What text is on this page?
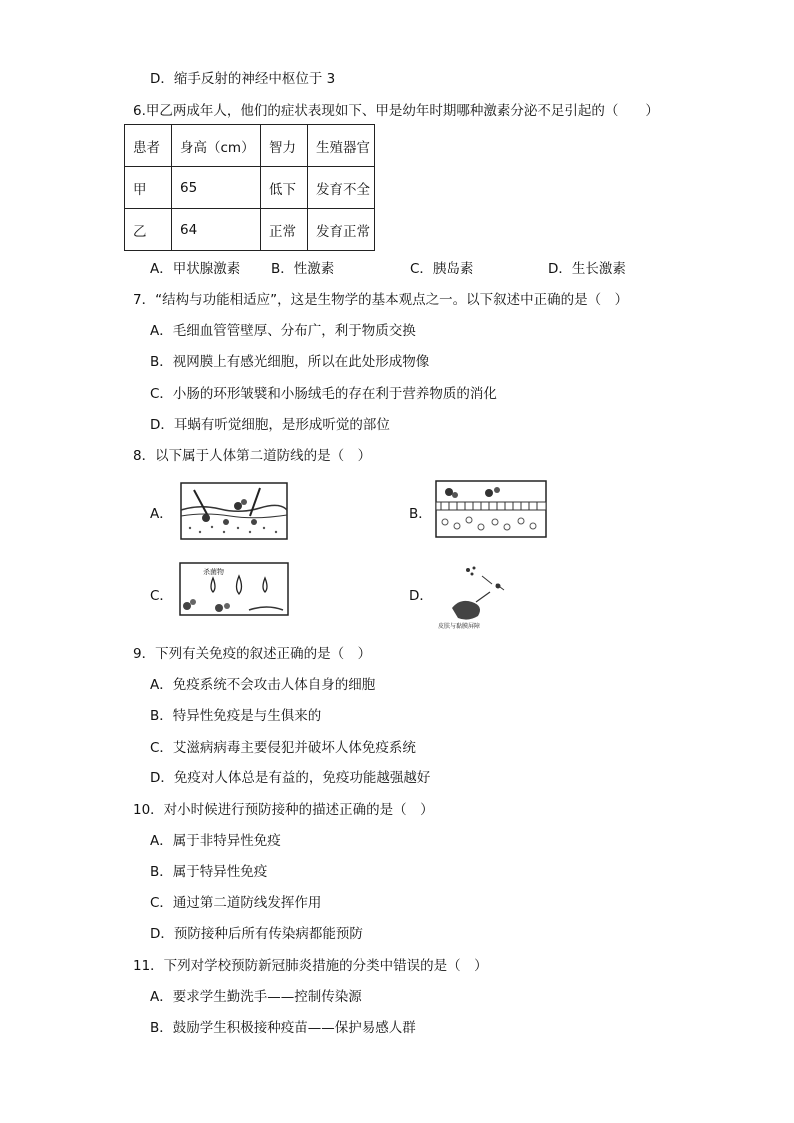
D．缩手反射的神经中枢位于 3
6.甲乙两成年人，他们的症状表现如下、甲是幼年时期哪种激素分泌不足引起的（　　）
患者	身高（cm）	智力	生殖器官
甲	65	低下	发育不全
乙	64	正常	发育正常
A．甲状腺激素 B．性激素	C．胰岛素	D．生长激素
7．“结构与功能相适应”，这是生物学的基本观点之一。以下叙述中正确的是（　）
A．毛细血管管壁厚、分布广，利于物质交换
B．视网膜上有感光细胞，所以在此处形成物像
C．小肠的环形皱襞和小肠绒毛的存在利于营养物质的消化
D．耳蜗有听觉细胞，是形成听觉的部位
8．以下属于人体第二道防线的是（　）
A．	B．
C．
杀菌物
D．
皮肤与黏膜屏障
9．下列有关免疫的叙述正确的是（　）
A．免疫系统不会攻击人体自身的细胞
B．特异性免疫是与生俱来的
C．艾滋病病毒主要侵犯并破坏人体免疫系统
D．免疫对人体总是有益的，免疫功能越强越好
10．对小时候进行预防接种的描述正确的是（　）
A．属于非特异性免疫
B．属于特异性免疫
C．通过第二道防线发挥作用
D．预防接种后所有传染病都能预防
11．下列对学校预防新冠肺炎措施的分类中错误的是（　）
A．要求学生勤洗手——控制传染源
B．鼓励学生积极接种疫苗——保护易感人群
